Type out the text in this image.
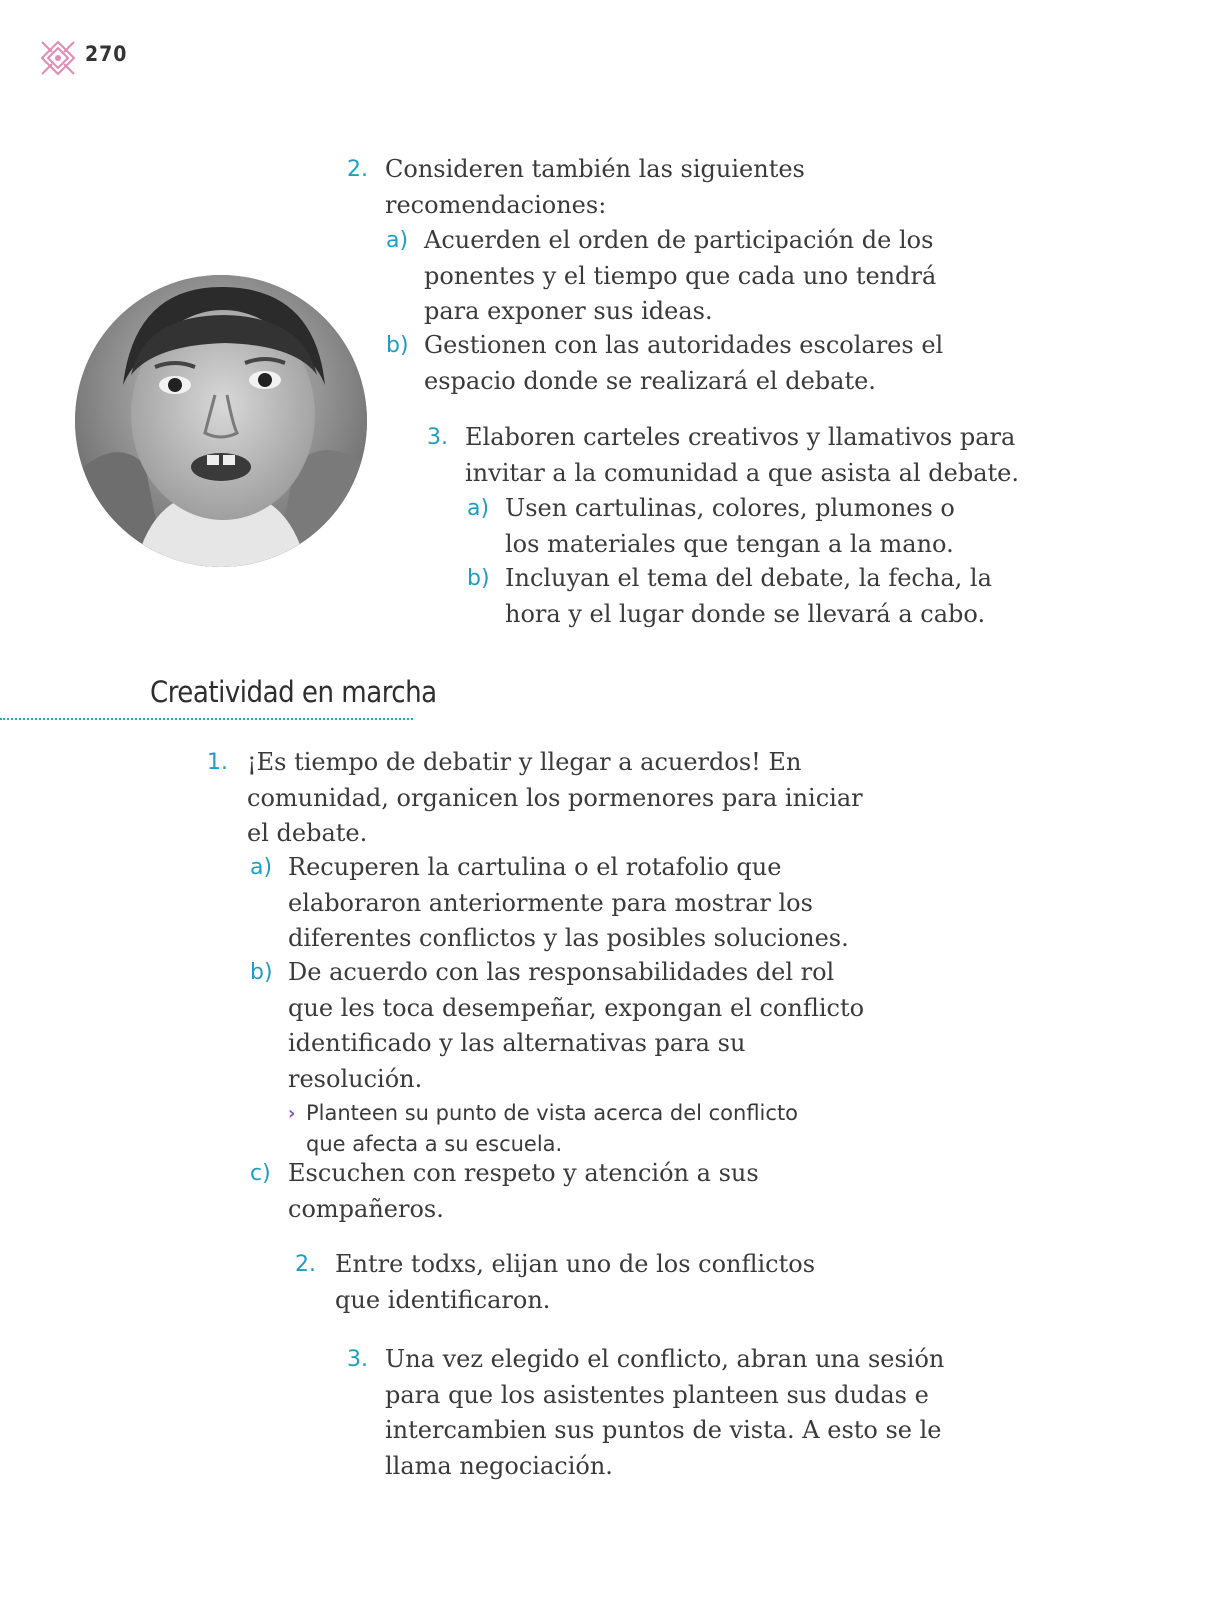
270
2. Consideren también las siguientes recomendaciones:
a) Acuerden el orden de participación de los ponentes y el tiempo que cada uno tendrá para exponer sus ideas.
b) Gestionen con las autoridades escolares el espacio donde se realizará el debate.
3. Elaboren carteles creativos y llamativos para invitar a la comunidad a que asista al debate.
a) Usen cartulinas, colores, plumones o los materiales que tengan a la mano.
b) Incluyan el tema del debate, la fecha, la hora y el lugar donde se llevará a cabo.
Creatividad en marcha
1. ¡Es tiempo de debatir y llegar a acuerdos! En comunidad, organicen los pormenores para iniciar el debate.
a) Recuperen la cartulina o el rotafolio que elaboraron anteriormente para mostrar los diferentes conflictos y las posibles soluciones.
b) De acuerdo con las responsabilidades del rol que les toca desempeñar, expongan el conflicto identificado y las alternativas para su resolución.
› Planteen su punto de vista acerca del conflicto que afecta a su escuela.
c) Escuchen con respeto y atención a sus compañeros.
2. Entre todxs, elijan uno de los conflictos que identificaron.
3. Una vez elegido el conflicto, abran una sesión para que los asistentes planteen sus dudas e intercambien sus puntos de vista. A esto se le llama negociación.
